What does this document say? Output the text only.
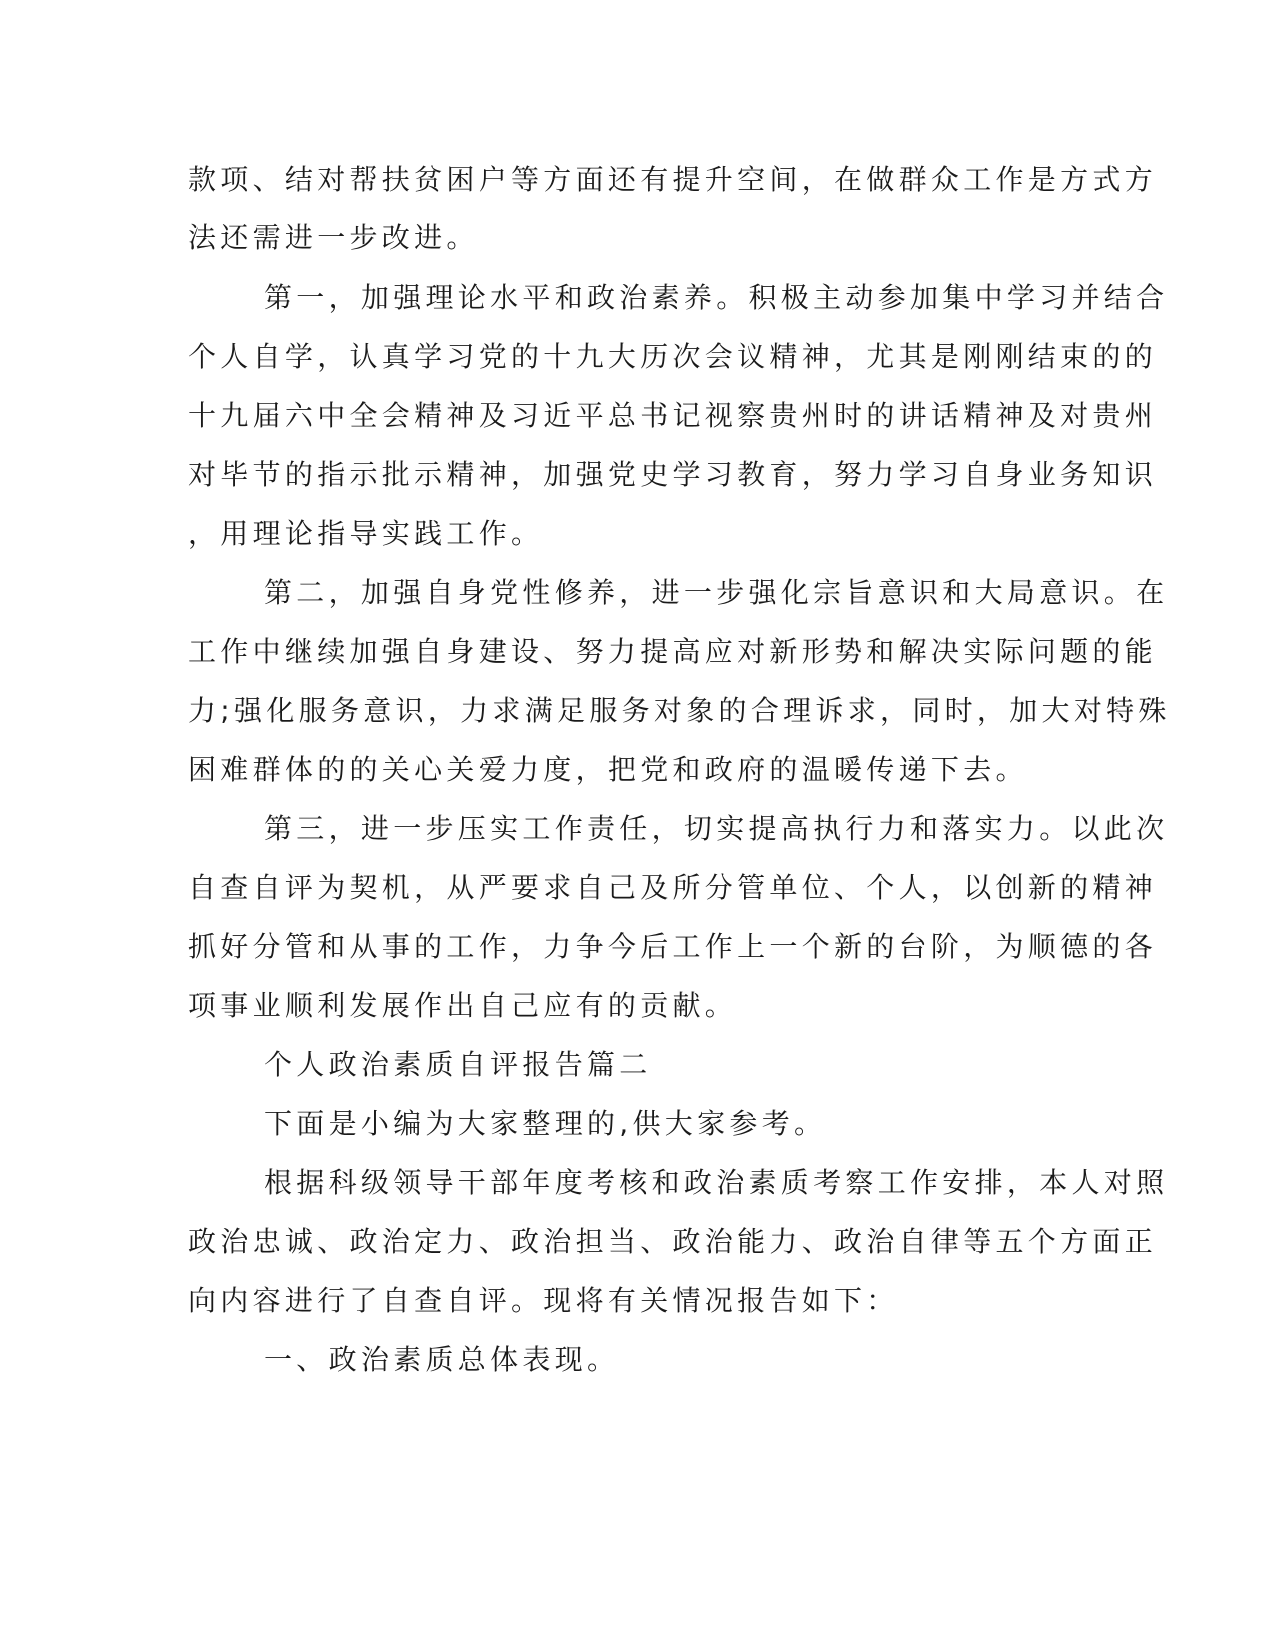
款项、结对帮扶贫困户等方面还有提升空间，在做群众工作是方式方
法还需进一步改进。
第一，加强理论水平和政治素养。积极主动参加集中学习并结合
个人自学，认真学习党的十九大历次会议精神，尤其是刚刚结束的的
十九届六中全会精神及习近平总书记视察贵州时的讲话精神及对贵州
对毕节的指示批示精神，加强党史学习教育，努力学习自身业务知识
，用理论指导实践工作。
第二，加强自身党性修养，进一步强化宗旨意识和大局意识。在
工作中继续加强自身建设、努力提高应对新形势和解决实际问题的能
力;强化服务意识，力求满足服务对象的合理诉求，同时，加大对特殊
困难群体的的关心关爱力度，把党和政府的温暖传递下去。
第三，进一步压实工作责任，切实提高执行力和落实力。以此次
自查自评为契机，从严要求自己及所分管单位、个人，以创新的精神
抓好分管和从事的工作，力争今后工作上一个新的台阶，为顺德的各
项事业顺利发展作出自己应有的贡献。
个人政治素质自评报告篇二
下面是小编为大家整理的,供大家参考。
根据科级领导干部年度考核和政治素质考察工作安排，本人对照
政治忠诚、政治定力、政治担当、政治能力、政治自律等五个方面正
向内容进行了自查自评。现将有关情况报告如下：
一、政治素质总体表现。
